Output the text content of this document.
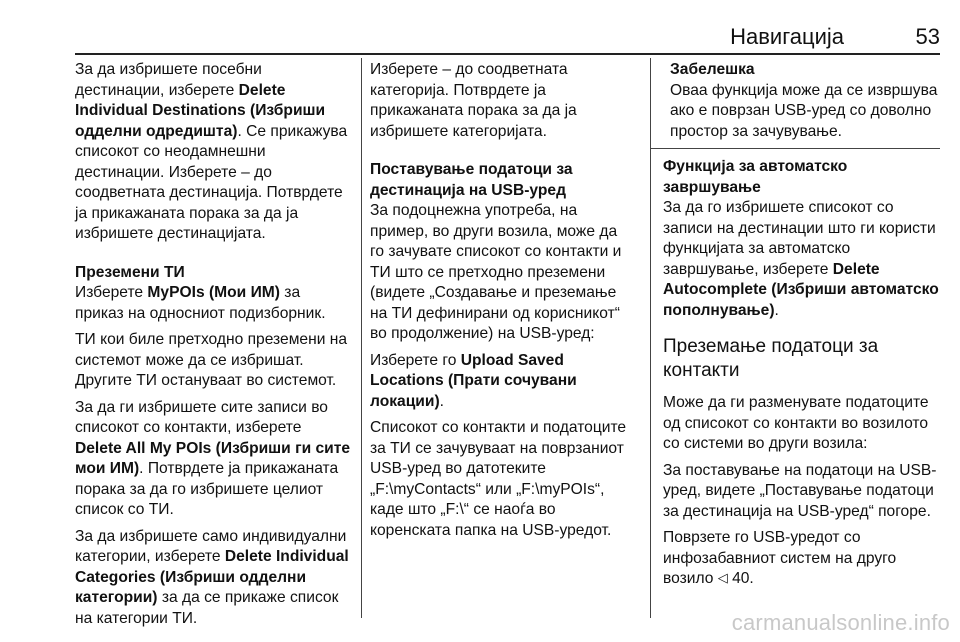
Навигација	53

За да избришете посебни дестинации, изберете Delete Individual Destinations (Избриши одделни одредишта). Се прикажува списокот со неодамнешни дестинации. Изберете – до соодветната дестинација. Потврдете ја прикажаната порака за да ја избришете дестинацијата.

Преземени ТИ

Изберете MyPOIs (Мои ИМ) за приказ на односниот подизборник.

ТИ кои биле претходно преземени на системот може да се избришат. Другите ТИ остануваат во системот.

За да ги избришете сите записи во списокот со контакти, изберете Delete All My POIs (Избриши ги сите мои ИМ). Потврдете ја прикажаната порака за да го избришете целиот список со ТИ.

За да избришете само индивидуални категории, изберете Delete Individual Categories (Избриши одделни категории) за да се прикаже список на категории ТИ.

Изберете – до соодветната категорија. Потврдете ја прикажаната порака за да ја избришете категоријата.

Поставување податоци за дестинација на USB-уред

За подоцнежна употреба, на пример, во други возила, може да го зачувате списокот со контакти и ТИ што се претходно преземени (видете „Создавање и преземање на ТИ дефинирани од корисникот“ во продолжение) на USB-уред:

Изберете го Upload Saved Locations (Прати сочувани локации).

Списокот со контакти и податоците за ТИ се зачувуваат на поврзаниот USB-уред во датотеките „F:\myContacts“ или „F:\myPOIs“, каде што „F:\“ се наоѓа во коренската папка на USB-уредот.

Забелешка

Оваа функција може да се извршува ако е поврзан USB-уред со доволно простор за зачувување.

Функција за автоматско завршување

За да го избришете списокот со записи на дестинации што ги користи функцијата за автоматско завршување, изберете Delete Autocomplete (Избриши автоматско пополнување).

Преземање податоци за контакти

Може да ги разменувате податоците од списокот со контакти во возилото со системи во други возила:

За поставување на податоци на USB-уред, видете „Поставување податоци за дестинација на USB-уред“ погоре.

Поврзете го USB-уредот со инфозабавниот систем на друго возило ◁ 40.

carmanualsonline.info
